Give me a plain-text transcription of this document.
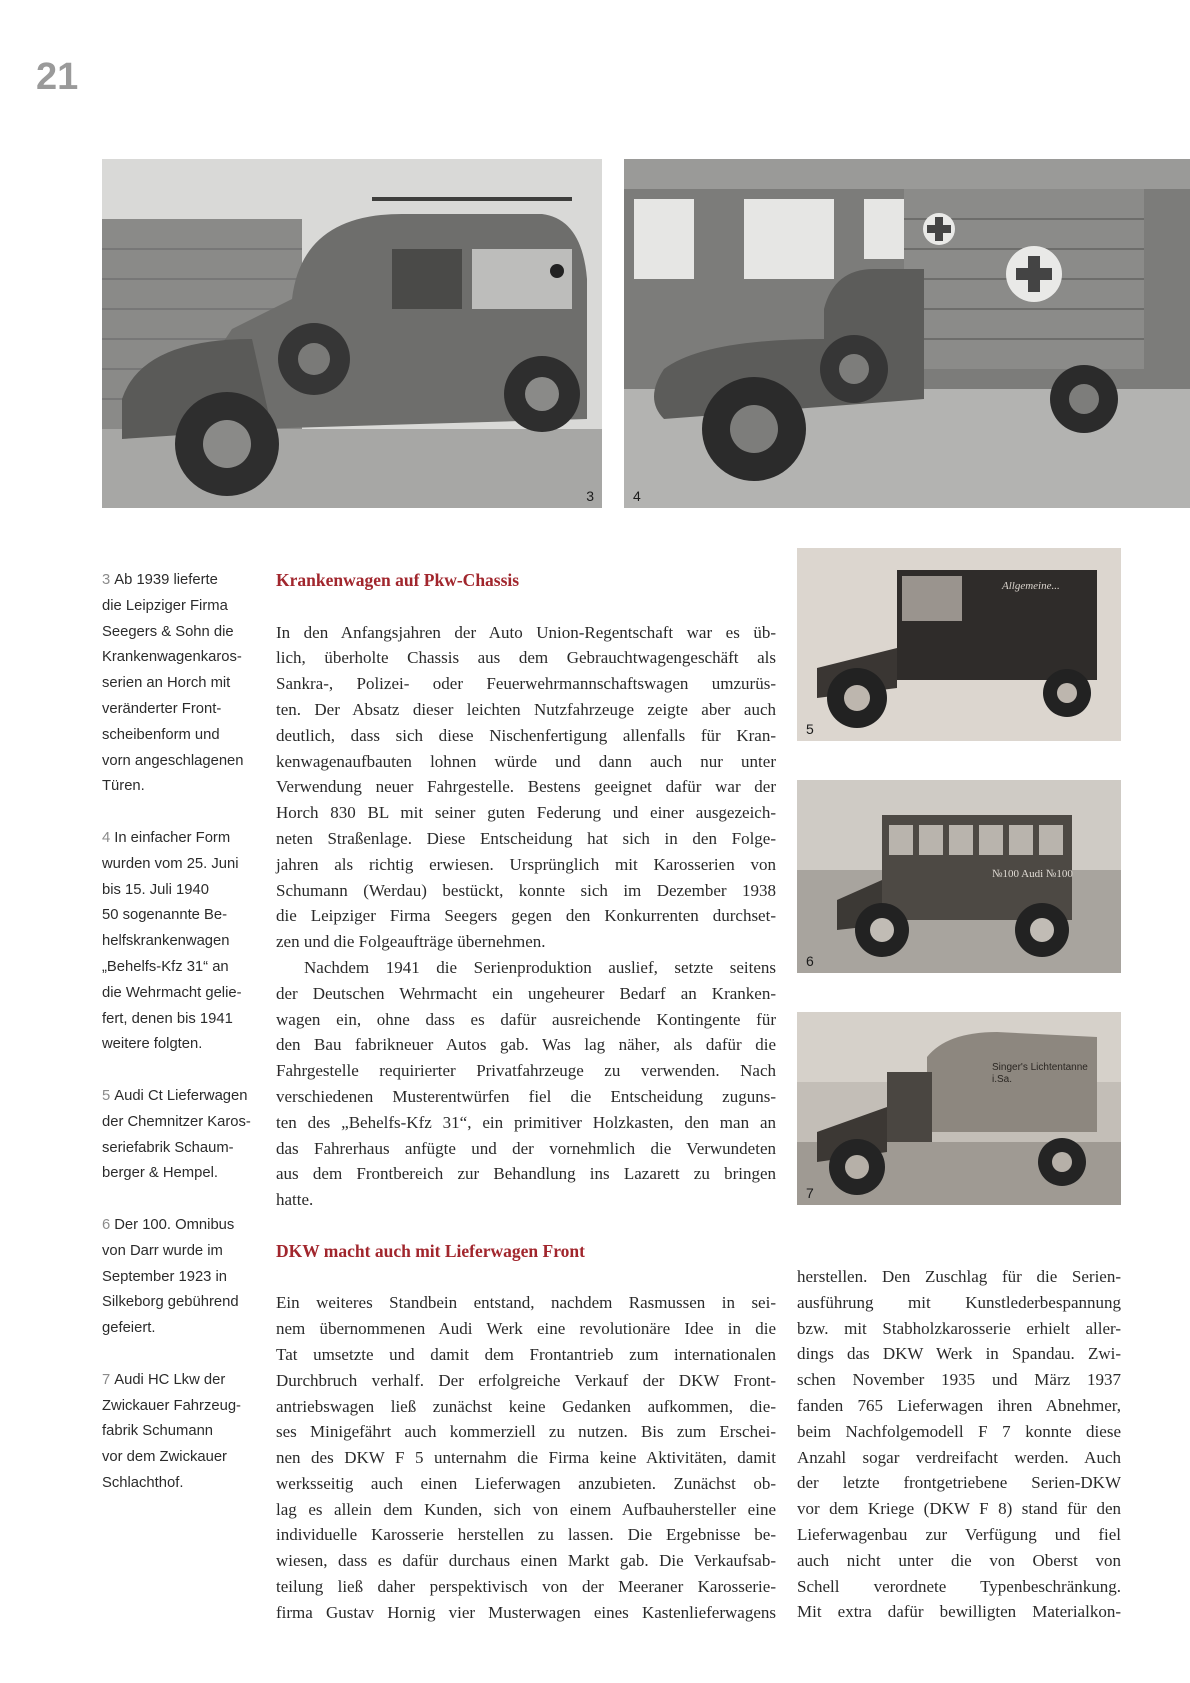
21
3	4
Allgemeine...
5
№100 Audi №100
6
Singer's Lichtentanne i.Sa.
7
3 Ab 1939 lieferte
die Leipziger Firma
Seegers & Sohn die
Krankenwagenkaros-
serien an Horch mit
veränderter Front-
scheibenform und
vorn angeschlagenen
Türen.
4 In einfacher Form
wurden vom 25. Juni
bis 15. Juli 1940
50 sogenannte Be-
helfskrankenwagen
„Behelfs-Kfz 31“ an
die Wehrmacht gelie-
fert, denen bis 1941
weitere folgten.
5 Audi Ct Lieferwagen
der Chemnitzer Karos-
seriefabrik Schaum-
berger & Hempel.
6 Der 100. Omnibus
von Darr wurde im
September 1923 in
Silkeborg gebührend
gefeiert.
7 Audi HC Lkw der
Zwickauer Fahrzeug-
fabrik Schumann
vor dem Zwickauer
Schlachthof.
Krankenwagen auf Pkw-Chassis
In den Anfangsjahren der Auto Union-Regentschaft war es üb-
lich, überholte Chassis aus dem Gebrauchtwagengeschäft als
Sankra-, Polizei- oder Feuerwehrmannschaftswagen umzurüs-
ten. Der Absatz dieser leichten Nutzfahrzeuge zeigte aber auch
deutlich, dass sich diese Nischenfertigung allenfalls für Kran-
kenwagenaufbauten lohnen würde und dann auch nur unter
Verwendung neuer Fahrgestelle. Bestens geeignet dafür war der
Horch 830 BL mit seiner guten Federung und einer ausgezeich-
neten Straßenlage. Diese Entscheidung hat sich in den Folge-
jahren als richtig erwiesen. Ursprünglich mit Karosserien von
Schumann (Werdau) bestückt, konnte sich im Dezember 1938
die Leipziger Firma Seegers gegen den Konkurrenten durchset-
zen und die Folgeaufträge übernehmen.
Nachdem 1941 die Serienproduktion auslief, setzte seitens
der Deutschen Wehrmacht ein ungeheurer Bedarf an Kranken-
wagen ein, ohne dass es dafür ausreichende Kontingente für
den Bau fabrikneuer Autos gab. Was lag näher, als dafür die
Fahrgestelle requirierter Privatfahrzeuge zu verwenden. Nach
verschiedenen Musterentwürfen fiel die Entscheidung zuguns-
ten des „Behelfs-Kfz 31“, ein primitiver Holzkasten, den man an
das Fahrerhaus anfügte und der vornehmlich die Verwundeten
aus dem Frontbereich zur Behandlung ins Lazarett zu bringen
hatte.
DKW macht auch mit Lieferwagen Front
Ein weiteres Standbein entstand, nachdem Rasmussen in sei-
nem übernommenen Audi Werk eine revolutionäre Idee in die
Tat umsetzte und damit dem Frontantrieb zum internationalen
Durchbruch verhalf. Der erfolgreiche Verkauf der DKW Front-
antriebswagen ließ zunächst keine Gedanken aufkommen, die-
ses Minigefährt auch kommerziell zu nutzen. Bis zum Erschei-
nen des DKW F 5 unternahm die Firma keine Aktivitäten, damit
werksseitig auch einen Lieferwagen anzubieten. Zunächst ob-
lag es allein dem Kunden, sich von einem Aufbauhersteller eine
individuelle Karosserie herstellen zu lassen. Die Ergebnisse be-
wiesen, dass es dafür durchaus einen Markt gab. Die Verkaufsab-
teilung ließ daher perspektivisch von der Meeraner Karosserie-
firma Gustav Hornig vier Musterwagen eines Kastenlieferwagens
herstellen. Den Zuschlag für die Serien-
ausführung mit Kunstlederbespannung
bzw. mit Stabholzkarosserie erhielt aller-
dings das DKW Werk in Spandau. Zwi-
schen November 1935 und März 1937
fanden 765 Lieferwagen ihren Abnehmer,
beim Nachfolgemodell F 7 konnte diese
Anzahl sogar verdreifacht werden. Auch
der letzte frontgetriebene Serien-DKW
vor dem Kriege (DKW F 8) stand für den
Lieferwagenbau zur Verfügung und fiel
auch nicht unter die von Oberst von
Schell verordnete Typenbeschränkung.
Mit extra dafür bewilligten Materialkon-
